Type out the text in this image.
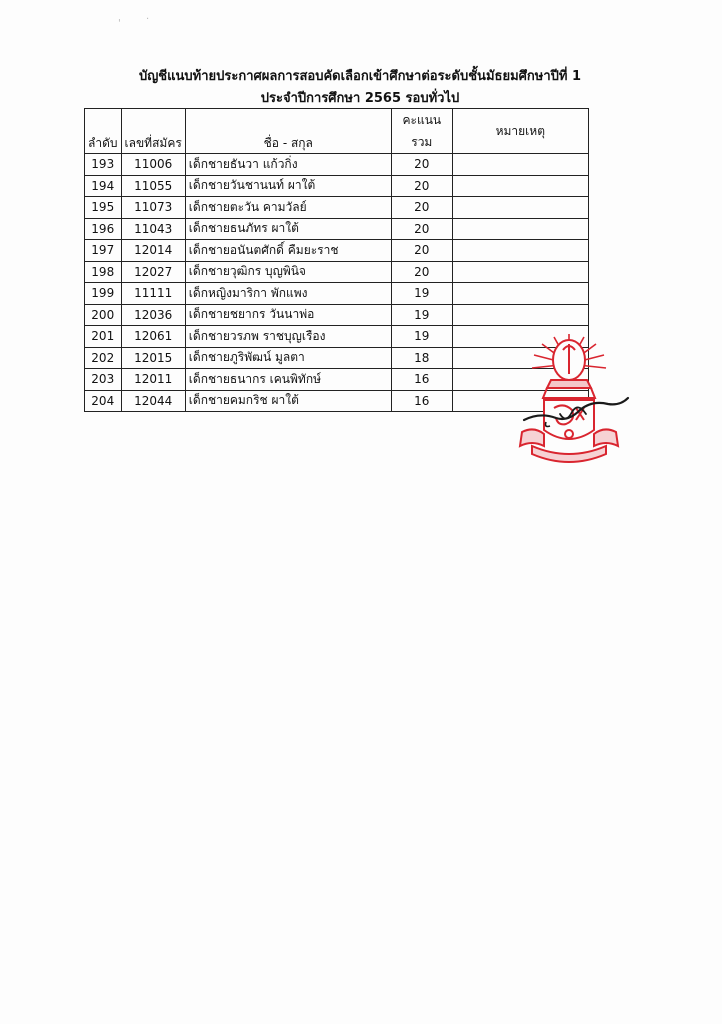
'	·
บัญชีแนบท้ายประกาศผลการสอบคัดเลือกเข้าศึกษาต่อระดับชั้นมัธยมศึกษาปีที่ 1
ประจำปีการศึกษา 2565 รอบทั่วไป
ลำดับ	เลขที่สมัคร	ชื่อ - สกุล	คะแนน
รวม	หมายเหตุ
193	11006	เด็กชายธันวา แก้วกิ่ง	20	
194	11055	เด็กชายวันชานนท์ ผาใต้	20	
195	11073	เด็กชายตะวัน คามวัลย์	20	
196	11043	เด็กชายธนภัทร ผาใต้	20	
197	12014	เด็กชายอนันตศักดิ์ คืมยะราช	20	
198	12027	เด็กชายวุฒิกร บุญพินิจ	20	
199	11111	เด็กหญิงมาริกา พักแพง	19	
200	12036	เด็กชายชยากร วันนาพ่อ	19	
201	12061	เด็กชายวรภพ ราชบุญเรือง	19	
202	12015	เด็กชายภูริพัฒน์ มูลตา	18	
203	12011	เด็กชายธนากร เคนพิทักษ์	16	
204	12044	เด็กชายคมกริช ผาใต้	16	
